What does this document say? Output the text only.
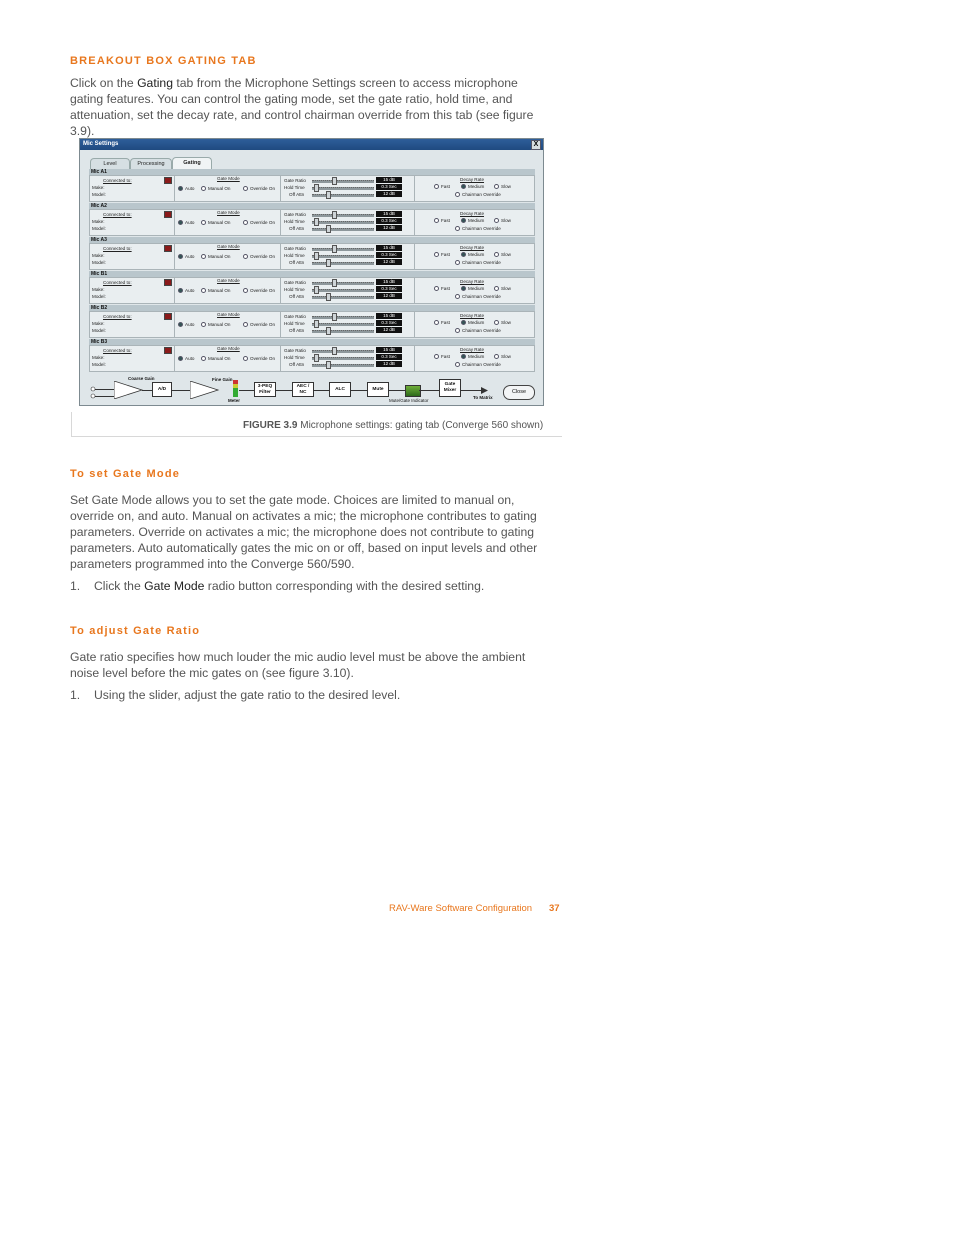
BREAKOUT BOX GATING TAB

Click on the Gating tab from the Microphone Settings screen to access microphone gating features. You can control the gating mode, set the gate ratio, hold time, and attenuation, set the decay rate, and control chairman override from this tab (see figure 3.9).

Mic Settings	X
Level	Processing	Gating
Mic A1
Connected to:
Make:
Model:
Gate Mode
Auto	Manual On	Override On
Gate Ratio	15 dB
Hold Time	0.3 Sec
Off Attn	12 dB
Decay Rate
Fast	Medium	Slow
Chairman Override
Mic A2
Connected to:
Make:
Model:
Gate Mode
Auto	Manual On	Override On
Gate Ratio	15 dB
Hold Time	0.3 Sec
Off Attn	12 dB
Decay Rate
Fast	Medium	Slow
Chairman Override
Mic A3
Connected to:
Make:
Model:
Gate Mode
Auto	Manual On	Override On
Gate Ratio	15 dB
Hold Time	0.3 Sec
Off Attn	12 dB
Decay Rate
Fast	Medium	Slow
Chairman Override
Mic B1
Connected to:
Make:
Model:
Gate Mode
Auto	Manual On	Override On
Gate Ratio	15 dB
Hold Time	0.3 Sec
Off Attn	12 dB
Decay Rate
Fast	Medium	Slow
Chairman Override
Mic B2
Connected to:
Make:
Model:
Gate Mode
Auto	Manual On	Override On
Gate Ratio	15 dB
Hold Time	0.3 Sec
Off Attn	12 dB
Decay Rate
Fast	Medium	Slow
Chairman Override
Mic B3
Connected to:
Make:
Model:
Gate Mode
Auto	Manual On	Override On
Gate Ratio	15 dB
Hold Time	0.3 Sec
Off Attn	12 dB
Decay Rate
Fast	Medium	Slow
Chairman Override
Coarse Gain
A/D
Fine Gain
Meter
3-PEQ Filter
AEC / NC
ALC	Mute
Mute/Gate Indicator
Gate Mixer
To Matrix
Close
FIGURE 3.9 Microphone settings: gating tab (Converge 560 shown)
To set Gate Mode

Set Gate Mode allows you to set the gate mode. Choices are limited to manual on, override on, and auto. Manual on activates a mic; the microphone contributes to gating parameters. Override on activates a mic; the microphone does not contribute to gating parameters. Auto automatically gates the mic on or off, based on input levels and other parameters programmed into the Converge 560/590.

1. Click the Gate Mode radio button corresponding with the desired setting.
To adjust Gate Ratio

Gate ratio specifies how much louder the mic audio level must be above the ambient noise level before the mic gates on (see figure 3.10).

1. Using the slider, adjust the gate ratio to the desired level.
RAV-Ware Software Configuration 37
